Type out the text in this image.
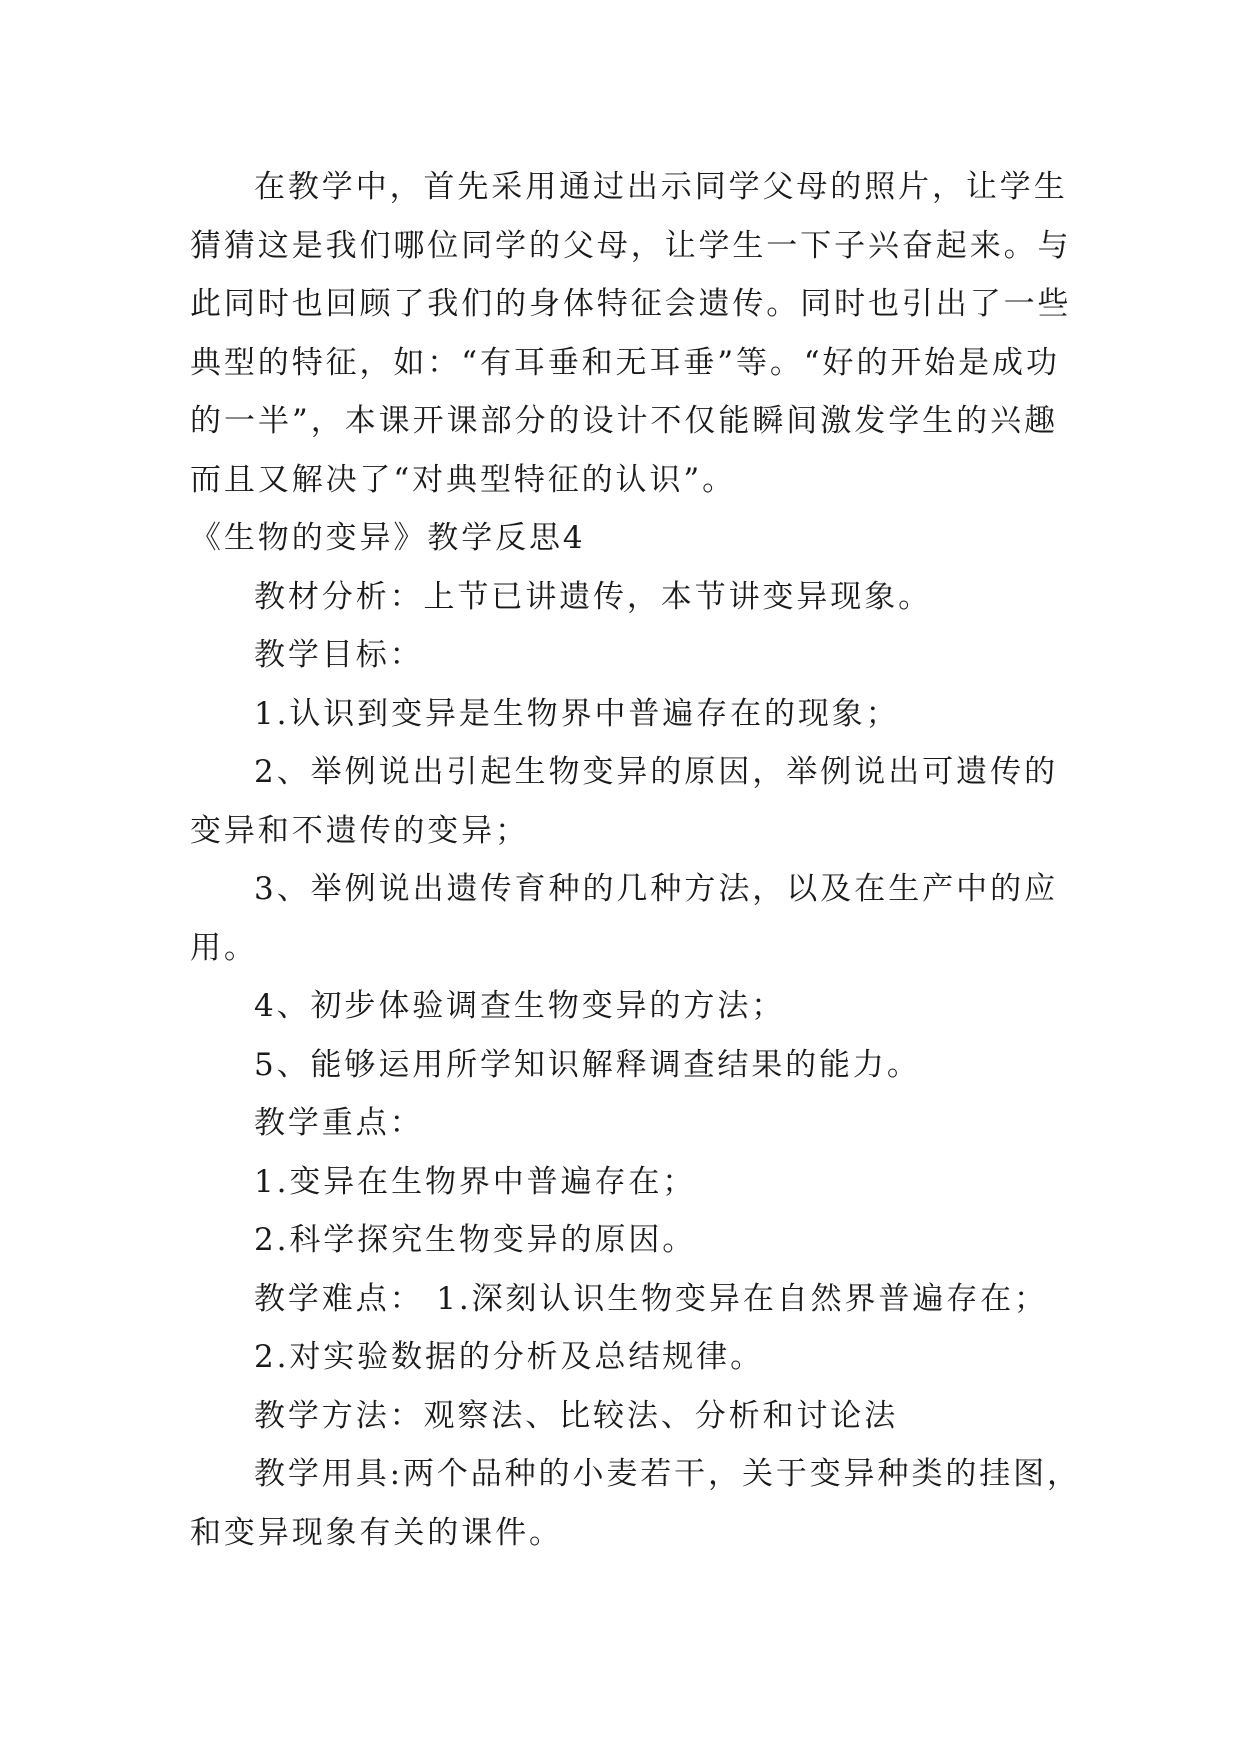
在教学中，首先采用通过出示同学父母的照片，让学生

猜猜这是我们哪位同学的父母，让学生一下子兴奋起来。与

此同时也回顾了我们的身体特征会遗传。同时也引出了一些

典型的特征，如：“有耳垂和无耳垂”等。“好的开始是成功

的一半”，本课开课部分的设计不仅能瞬间激发学生的兴趣

而且又解决了“对典型特征的认识”。

《生物的变异》教学反思4

教材分析：上节已讲遗传，本节讲变异现象。

教学目标：

1.认识到变异是生物界中普遍存在的现象；

2、举例说出引起生物变异的原因，举例说出可遗传的

变异和不遗传的变异；

3、举例说出遗传育种的几种方法，以及在生产中的应

用。

4、初步体验调查生物变异的方法；

5、能够运用所学知识解释调查结果的能力。

教学重点：

1.变异在生物界中普遍存在；

2.科学探究生物变异的原因。

教学难点： 1.深刻认识生物变异在自然界普遍存在；

2.对实验数据的分析及总结规律。

教学方法：观察法、比较法、分析和讨论法

教学用具:两个品种的小麦若干，关于变异种类的挂图，

和变异现象有关的课件。
